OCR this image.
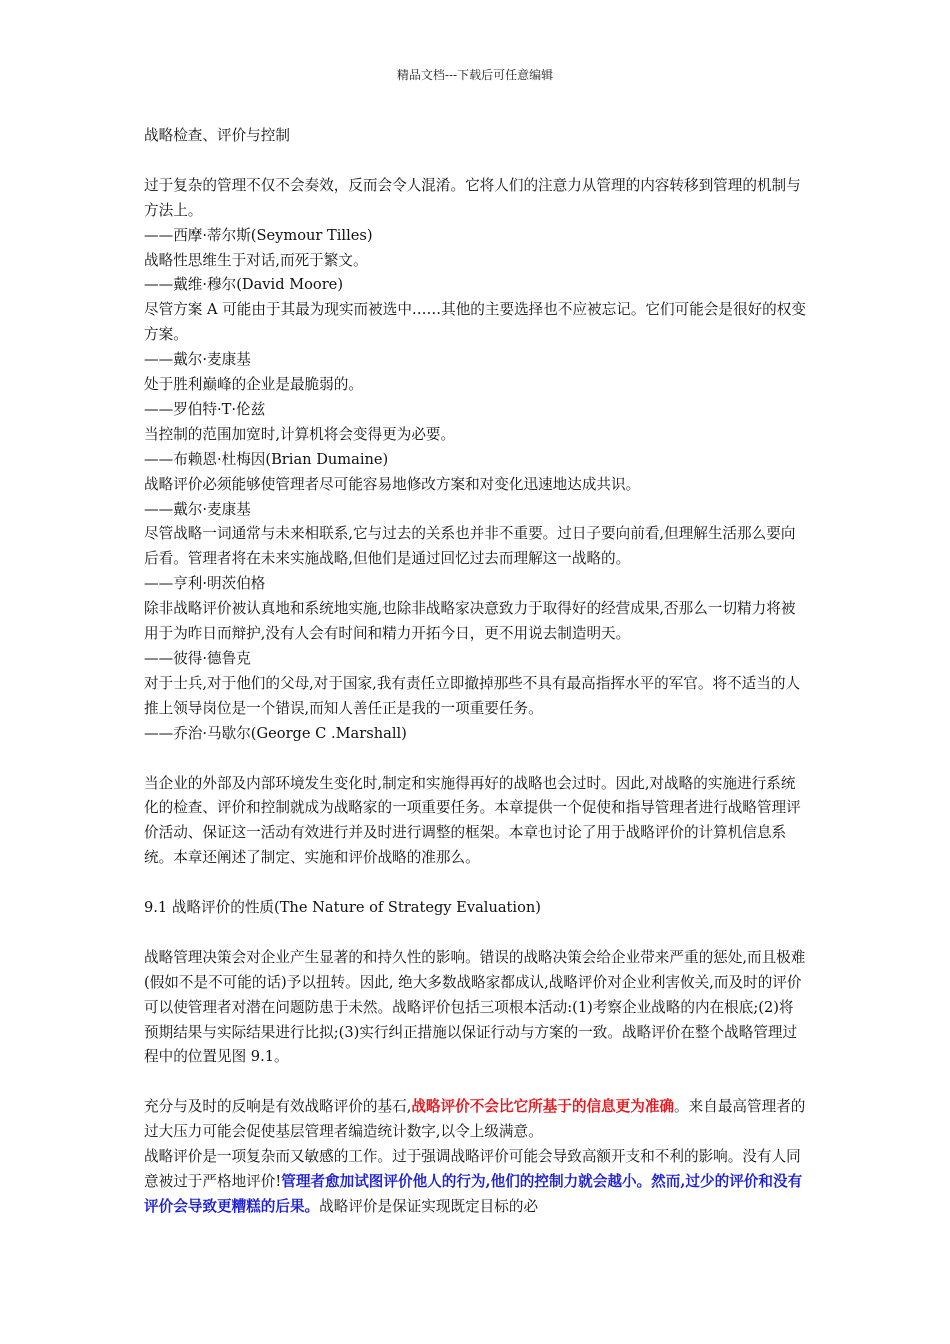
精品文档---下载后可任意编辑

战略检查、评价与控制

过于复杂的管理不仅不会奏效，反而会令人混淆。它将人们的注意力从管理的内容转移到管理的机制与方法上。

——西摩·蒂尔斯(Seymour Tilles)

战略性思维生于对话,而死于繁文。

——戴维·穆尔(David Moore)

尽管方案 A 可能由于其最为现实而被选中……其他的主要选择也不应被忘记。它们可能会是很好的权变方案。

——戴尔·麦康基

处于胜利巅峰的企业是最脆弱的。

——罗伯特·T·伦兹

当控制的范围加宽时,计算机将会变得更为必要。

——布赖恩·杜梅因(Brian Dumaine)

战略评价必须能够使管理者尽可能容易地修改方案和对变化迅速地达成共识。

——戴尔·麦康基

尽管战略一词通常与未来相联系,它与过去的关系也并非不重要。过日子要向前看,但理解生活那么要向后看。管理者将在未来实施战略,但他们是通过回忆过去而理解这一战略的。

——亨利·明茨伯格

除非战略评价被认真地和系统地实施,也除非战略家决意致力于取得好的经营成果,否那么一切精力将被用于为昨日而辩护,没有人会有时间和精力开拓今日，更不用说去制造明天。

——彼得·德鲁克

对于士兵,对于他们的父母,对于国家,我有责任立即撤掉那些不具有最高指挥水平的军官。将不适当的人推上领导岗位是一个错误,而知人善任正是我的一项重要任务。

——乔治·马歇尔(George C .Marshall)

当企业的外部及内部环境发生变化时,制定和实施得再好的战略也会过时。因此,对战略的实施进行系统化的检查、评价和控制就成为战略家的一项重要任务。本章提供一个促使和指导管理者进行战略管理评价活动、保证这一活动有效进行并及时进行调整的框架。本章也讨论了用于战略评价的计算机信息系统。本章还阐述了制定、实施和评价战略的准那么。

9.1 战略评价的性质(The Nature of Strategy Evaluation)

战略管理决策会对企业产生显著的和持久性的影响。错误的战略决策会给企业带来严重的惩处,而且极难(假如不是不可能的话)予以扭转。因此, 绝大多数战略家都成认,战略评价对企业利害攸关,而及时的评价可以使管理者对潜在问题防患于未然。战略评价包括三项根本活动:(1)考察企业战略的内在根底;(2)将预期结果与实际结果进行比拟;(3)实行纠正措施以保证行动与方案的一致。战略评价在整个战略管理过程中的位置见图 9.1。

充分与及时的反响是有效战略评价的基石,战略评价不会比它所基于的信息更为准确。来自最高管理者的过大压力可能会促使基层管理者编造统计数字,以令上级满意。

战略评价是一项复杂而又敏感的工作。过于强调战略评价可能会导致高额开支和不利的影响。没有人同意被过于严格地评价!管理者愈加试图评价他人的行为,他们的控制力就会越小。然而,过少的评价和没有评价会导致更糟糕的后果。战略评价是保证实现既定目标的必
